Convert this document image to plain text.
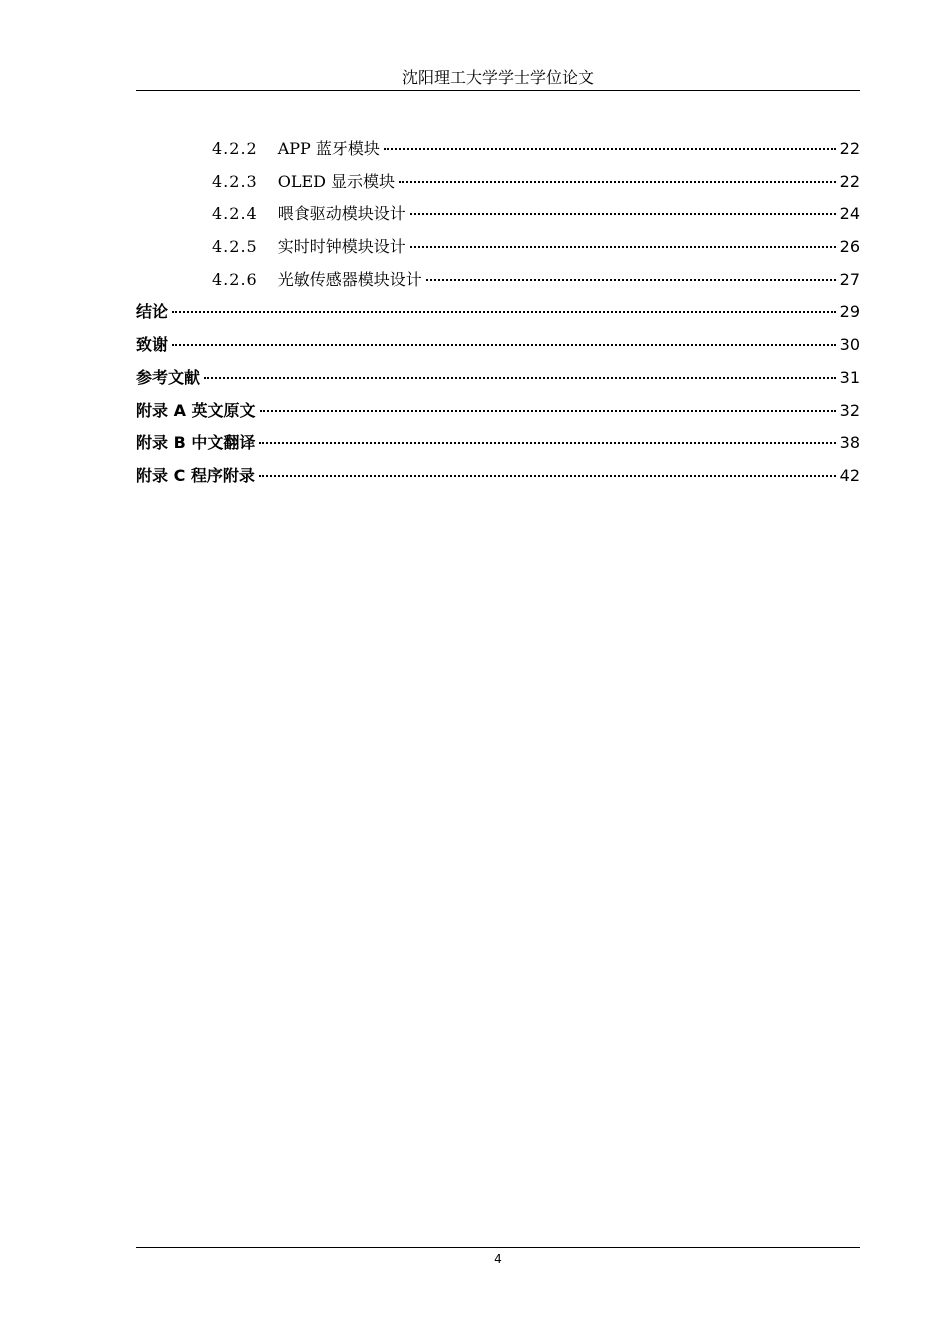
沈阳理工大学学士学位论文
4.2.2 APP 蓝牙模块	22
4.2.3 OLED 显示模块	22
4.2.4 喂食驱动模块设计	24
4.2.5 实时时钟模块设计	26
4.2.6 光敏传感器模块设计	27
结论	29
致谢	30
参考文献	31
附录 A 英文原文	32
附录 B 中文翻译	38
附录 C 程序附录	42
4
